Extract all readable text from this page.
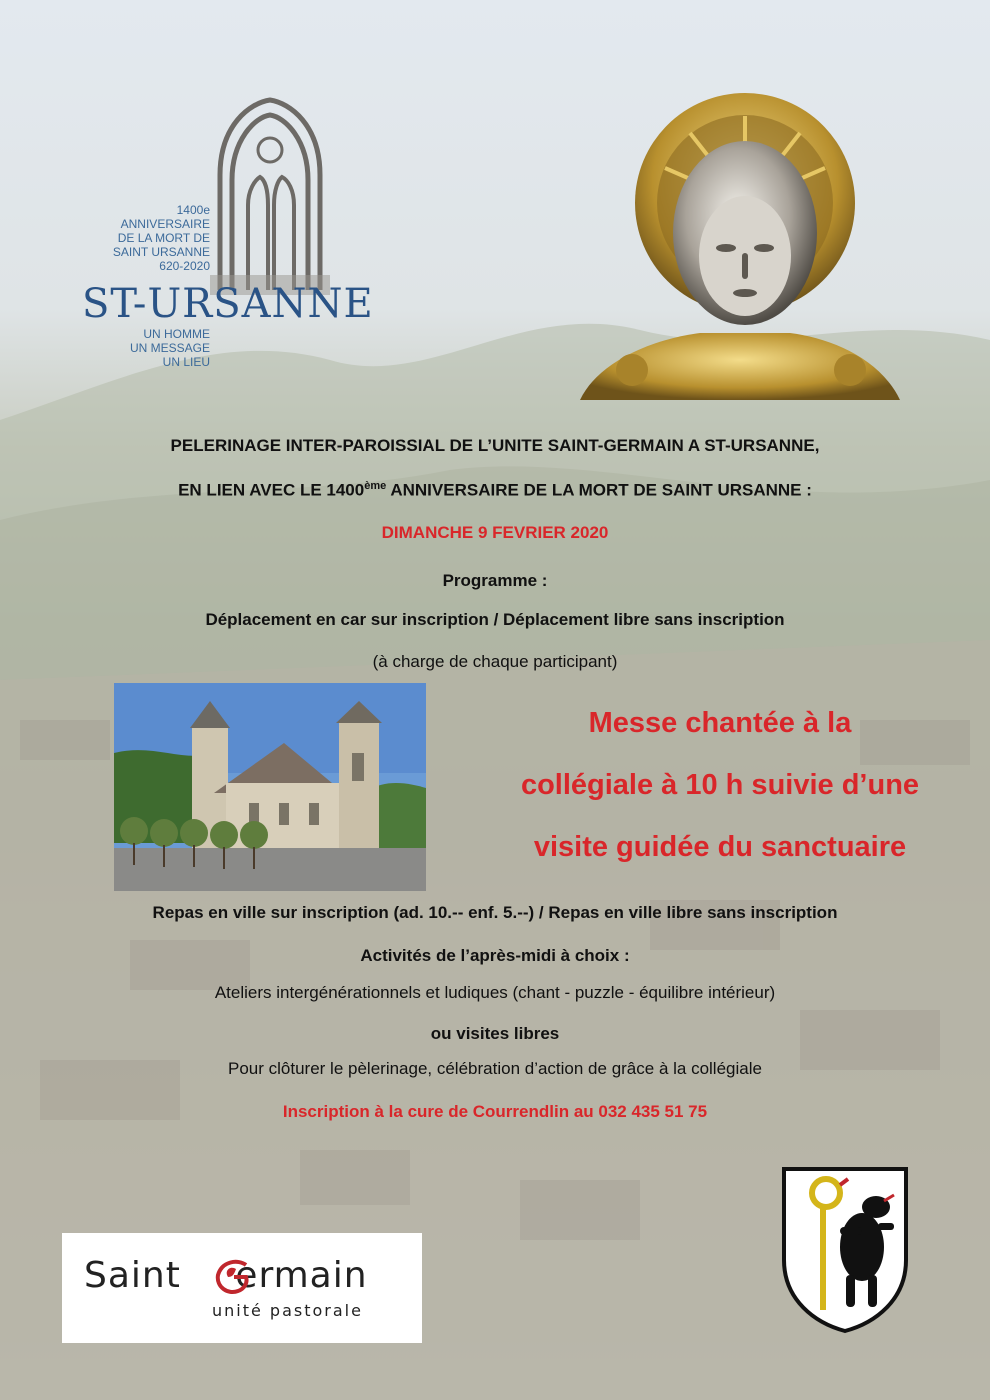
1400e
ANNIVERSAIRE
DE LA MORT DE
SAINT URSANNE
620-2020
ST-URSANNE
UN HOMME
UN MESSAGE
UN LIEU
PELERINAGE INTER-PAROISSIAL DE L’UNITE SAINT-GERMAIN A ST-URSANNE,
EN LIEN AVEC LE 1400ème ANNIVERSAIRE DE LA MORT DE SAINT URSANNE :
DIMANCHE 9 FEVRIER 2020
Programme :
Déplacement en car sur inscription / Déplacement libre sans inscription
(à charge de chaque participant)
Messe chantée à la
collégiale à 10 h suivie d’une
visite guidée du sanctuaire
Repas en ville sur inscription (ad. 10.-- enf. 5.--) / Repas en ville libre sans inscription
Activités de l’après-midi à choix :
Ateliers intergénérationnels et ludiques (chant - puzzle - équilibre intérieur)
ou visites libres
Pour clôturer le pèlerinage, célébration d’action de grâce à la collégiale
Inscription à la cure de Courrendlin au 032 435 51 75
Saint ermain
unité pastorale
